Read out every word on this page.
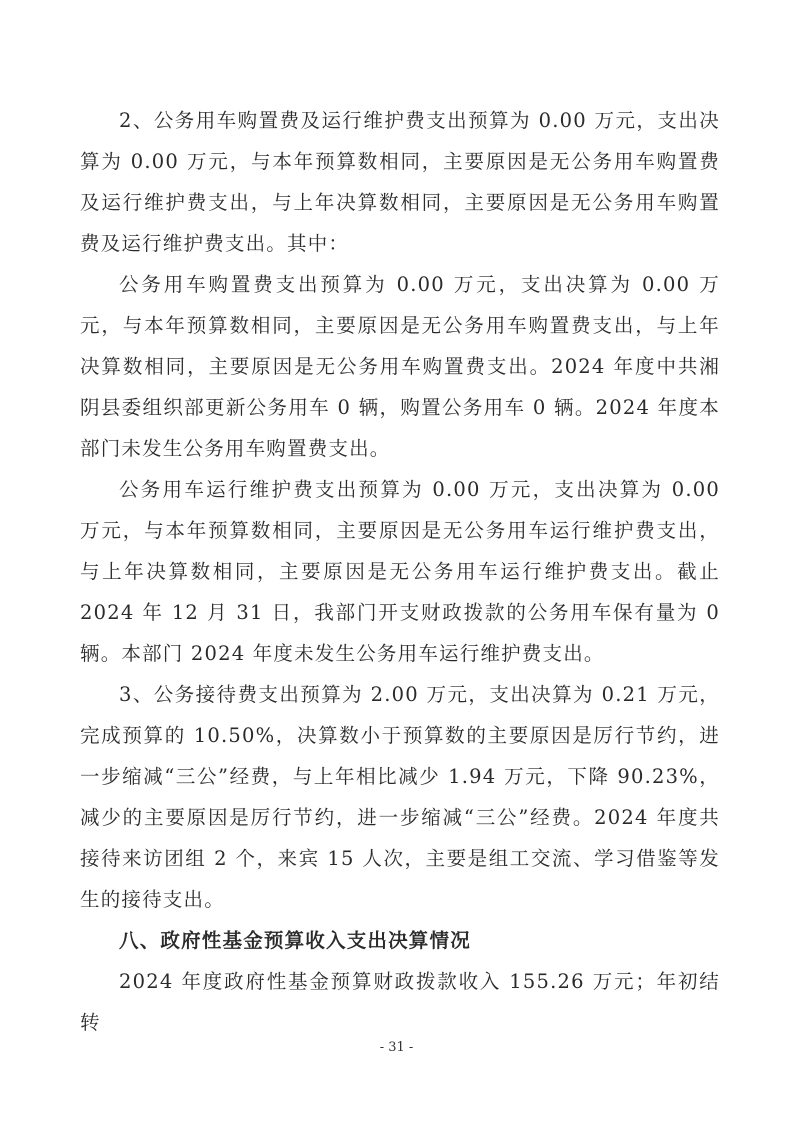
2、公务用车购置费及运行维护费支出预算为 0.00 万元，支出决算为 0.00 万元，与本年预算数相同，主要原因是无公务用车购置费及运行维护费支出，与上年决算数相同，主要原因是无公务用车购置费及运行维护费支出。其中：

公务用车购置费支出预算为 0.00 万元，支出决算为 0.00 万元，与本年预算数相同，主要原因是无公务用车购置费支出，与上年决算数相同，主要原因是无公务用车购置费支出。2024 年度中共湘阴县委组织部更新公务用车 0 辆，购置公务用车 0 辆。2024 年度本部门未发生公务用车购置费支出。

公务用车运行维护费支出预算为 0.00 万元，支出决算为 0.00 万元，与本年预算数相同，主要原因是无公务用车运行维护费支出，与上年决算数相同，主要原因是无公务用车运行维护费支出。截止 2024 年 12 月 31 日，我部门开支财政拨款的公务用车保有量为 0 辆。本部门 2024 年度未发生公务用车运行维护费支出。

3、公务接待费支出预算为 2.00 万元，支出决算为 0.21 万元，完成预算的 10.50%，决算数小于预算数的主要原因是厉行节约，进一步缩减“三公”经费，与上年相比减少 1.94 万元，下降 90.23%，减少的主要原因是厉行节约，进一步缩减“三公”经费。2024 年度共接待来访团组 2 个，来宾 15 人次，主要是组工交流、学习借鉴等发生的接待支出。

八、政府性基金预算收入支出决算情况

2024 年度政府性基金预算财政拨款收入 155.26 万元；年初结转

- 31 -
